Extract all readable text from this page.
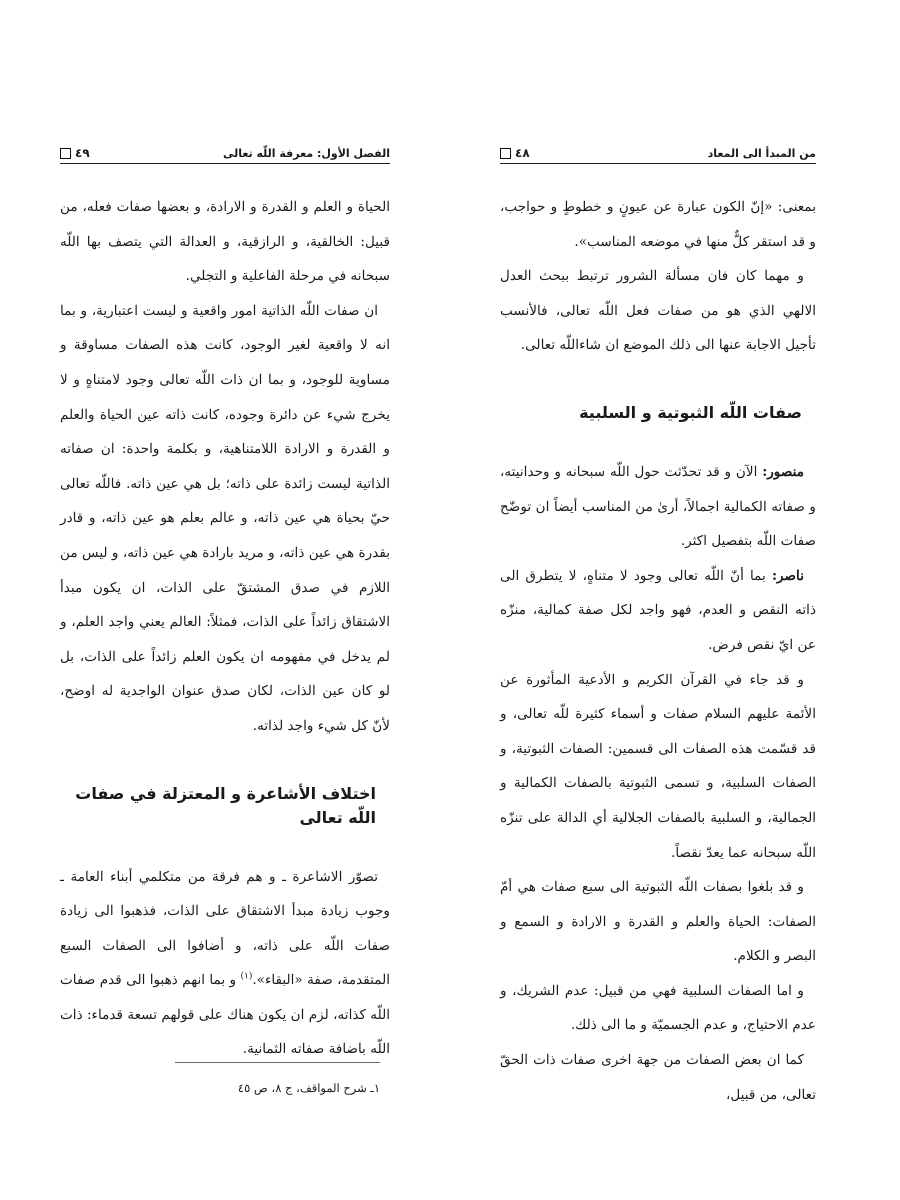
الفصل الأول: معرفة اللّه تعالى
٤٩

الحياة و العلم و القدرة و الارادة، و بعضها صفات فعله، من قبيل: الخالقية، و الرازقية، و العدالة التي يتصف بها اللّه سبحانه في مرحلة الفاعلية و التجلي.

ان صفات اللّه الذاتية امور واقعية و ليست اعتبارية، و بما انه لا واقعية لغير الوجود، كانت هذه الصفات مساوقة و مساوية للوجود، و بما ان ذات اللّه تعالى وجود لامتناهٍ و لا يخرج شيء عن دائرة وجوده، كانت ذاته عين الحياة والعلم و القدرة و الارادة اللامتناهية، و بكلمة واحدة: ان صفاته الذاتية ليست زائدة على ذاته؛ بل هي عين ذاته. فاللّه تعالى حيّ بحياة هي عين ذاته، و عالم بعلم هو عين ذاته، و قادر بقدرة هي عين ذاته، و مريد بارادة هي عين ذاته، و ليس من اللازم في صدق المشتقّ على الذات، ان يكون مبدأ الاشتقاق زائداً على الذات، فمثلاً: العالم يعني واجد العلم، و لم يدخل في مفهومه ان يكون العلم زائداً على الذات، بل لو كان عين الذات، لكان صدق عنوان الواجدية له اوضح، لأنّ كل شيء واجد لذاته.

اختلاف الأشاعرة و المعتزلة في صفات اللّه تعالى

تصوّر الاشاعرة ـ و هم فرقة من متكلمي أبناء العامة ـ وجوب زيادة مبدأ الاشتقاق على الذات، فذهبوا الى زيادة صفات اللّه على ذاته، و أضافوا الى الصفات السبع المتقدمة، صفة «البقاء».$^{(١)}$ و بما انهم ذهبوا الى قدم صفات اللّه كذاته، لزم ان يكون هناك على قولهم تسعة قدماء: ذات اللّه باضافة صفاته الثمانية.

١ـ شرح المواقف، ج ٨، ص ٤٥
من المبدأ الى المعاد
٤٨

بمعنى: «إنّ الكون عبارة عن عيونٍ و خطوطٍ و حواجب، و قد استقر كلٌّ منها في موضعه المناسب».

و مهما كان فان مسألة الشرور ترتبط ببحث العدل الالهي الذي هو من صفات فعل اللّه تعالى، فالأنسب تأجيل الاجابة عنها الى ذلك الموضع ان شاءاللّه تعالى.

صفات اللّه الثبوتية و السلبية

منصور: الآن و قد تحدّثت حول اللّه سبحانه و وحدانيته، و صفاته الكمالية اجمالاً، أرىٰ من المناسب أيضاً ان توضّح صفات اللّه بتفصيل اكثر.

ناصر: بما أنّ اللّه تعالى وجود لا متناهٍ، لا يتطرق الى ذاته النقص و العدم، فهو واجد لكل صفة كمالية، منزّه عن ايّ نقص فرض.

و قد جاء في القرآن الكريم و الأدعية المأثورة عن الأئمة عليهم السلام صفات و أسماء كثيرة للّه تعالى، و قد قسّمت هذه الصفات الى قسمين: الصفات الثبوتية، و الصفات السلبية، و تسمى الثبوتية بالصفات الكمالية و الجمالية، و السلبية بالصفات الجلالية أي الدالة على تنزّه اللّه سبحانه عما يعدّ نقصاً.

و قد بلغوا بصفات اللّه الثبوتية الى سبع صفات هي أمّ الصفات: الحياة والعلم و القدرة و الارادة و السمع و البصر و الكلام.

و اما الصفات السلبية فهي من قبيل: عدم الشريك، و عدم الاحتياج، و عدم الجسميّة و ما الى ذلك.

كما ان بعض الصفات من جهة اخرى صفات ذات الحقّ تعالى، من قبيل،
